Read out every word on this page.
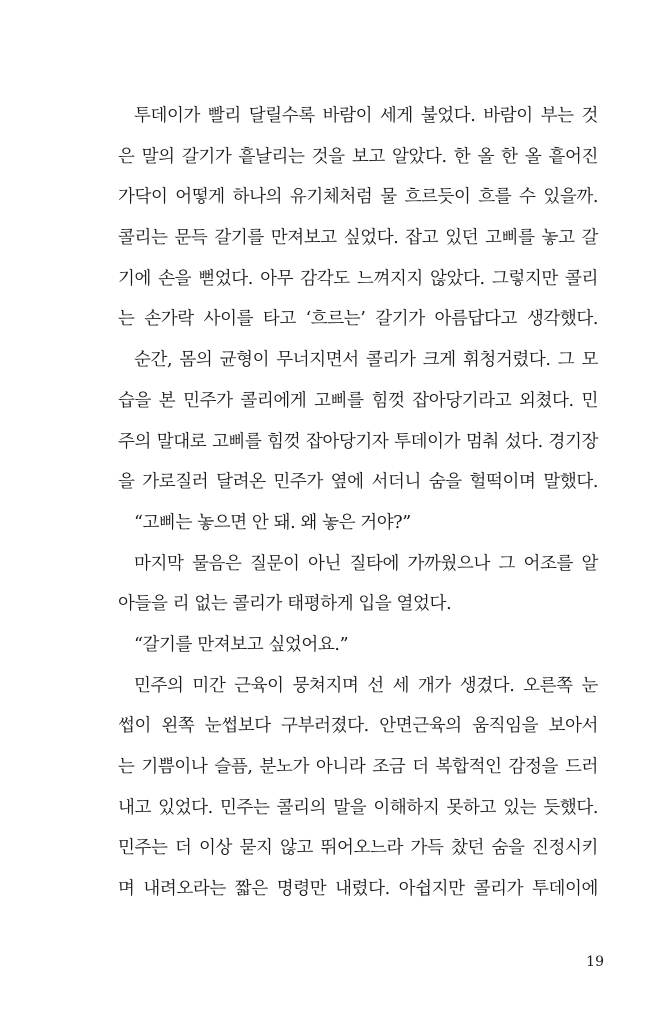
투데이가 빨리 달릴수록 바람이 세게 불었다. 바람이 부는 것
은 말의 갈기가 흩날리는 것을 보고 알았다. 한 올 한 올 흩어진
가닥이 어떻게 하나의 유기체처럼 물 흐르듯이 흐를 수 있을까.
콜리는 문득 갈기를 만져보고 싶었다. 잡고 있던 고삐를 놓고 갈
기에 손을 뻗었다. 아무 감각도 느껴지지 않았다. 그렇지만 콜리
는 손가락 사이를 타고 ‘흐르는’ 갈기가 아름답다고 생각했다.
순간, 몸의 균형이 무너지면서 콜리가 크게 휘청거렸다. 그 모
습을 본 민주가 콜리에게 고삐를 힘껏 잡아당기라고 외쳤다. 민
주의 말대로 고삐를 힘껏 잡아당기자 투데이가 멈춰 섰다. 경기장
을 가로질러 달려온 민주가 옆에 서더니 숨을 헐떡이며 말했다.
“고삐는 놓으면 안 돼. 왜 놓은 거야?”
마지막 물음은 질문이 아닌 질타에 가까웠으나 그 어조를 알
아들을 리 없는 콜리가 태평하게 입을 열었다.
“갈기를 만져보고 싶었어요.”
민주의 미간 근육이 뭉쳐지며 선 세 개가 생겼다. 오른쪽 눈
썹이 왼쪽 눈썹보다 구부러졌다. 안면근육의 움직임을 보아서
는 기쁨이나 슬픔, 분노가 아니라 조금 더 복합적인 감정을 드러
내고 있었다. 민주는 콜리의 말을 이해하지 못하고 있는 듯했다.
민주는 더 이상 묻지 않고 뛰어오느라 가득 찼던 숨을 진정시키
며 내려오라는 짧은 명령만 내렸다. 아쉽지만 콜리가 투데이에
19
